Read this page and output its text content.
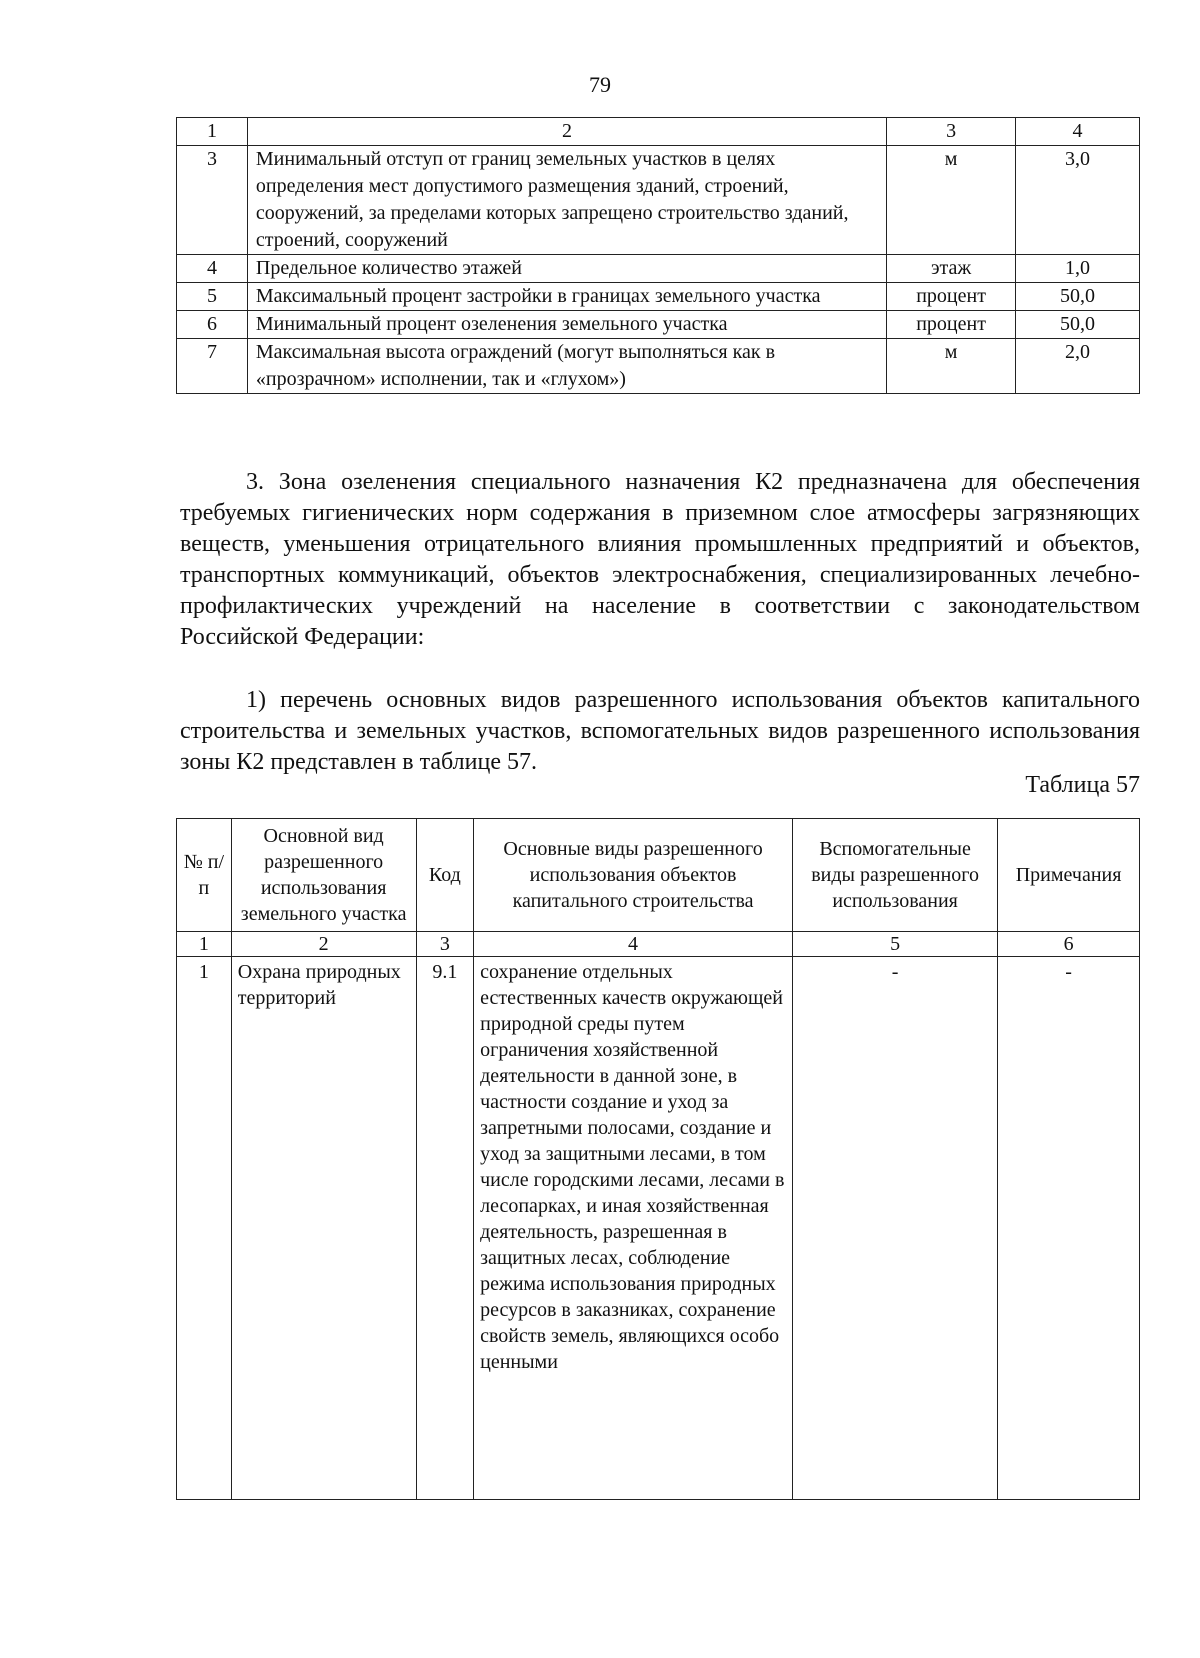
79
1	2	3	4
3	Минимальный отступ от границ земельных участков в целях определения мест допустимого размещения зданий, строений, сооружений, за пределами которых запрещено строительство зданий, строений, сооружений	м	3,0
4	Предельное количество этажей	этаж	1,0
5	Максимальный процент застройки в границах земельного участка	процент	50,0
6	Минимальный процент озеленения земельного участка	процент	50,0
7	Максимальная высота ограждений (могут выполняться как в «прозрачном» исполнении, так и «глухом»)	м	2,0
3. Зона озеленения специального назначения К2 предназначена для обеспечения требуемых гигиенических норм содержания в приземном слое атмосферы загрязняющих веществ, уменьшения отрицательного влияния промышленных предприятий и объектов, транспортных коммуникаций, объектов электроснабжения, специализированных лечебно-профилактических учреждений на население в соответствии с законодательством Российской Федерации:
1) перечень основных видов разрешенного использования объектов капитального строительства и земельных участков, вспомогательных видов разрешенного использования зоны К2 представлен в таблице 57.
Таблица 57
№ п/п	Основной вид разрешенного использования земельного участка	Код	Основные виды разрешенного использования объектов капитального строительства	Вспомогательные виды разрешенного использования	Примечания
1	2	3	4	5	6
1	Охрана природных территорий	9.1	сохранение отдельных естественных качеств окружающей природной среды путем ограничения хозяйственной деятельности в данной зоне, в частности создание и уход за запретными полосами, создание и уход за защитными лесами, в том числе городскими лесами, лесами в лесопарках, и иная хозяйственная деятельность, разрешенная в защитных лесах, соблюдение режима использования природных ресурсов в заказниках, сохранение свойств земель, являющихся особо ценными	-	-
